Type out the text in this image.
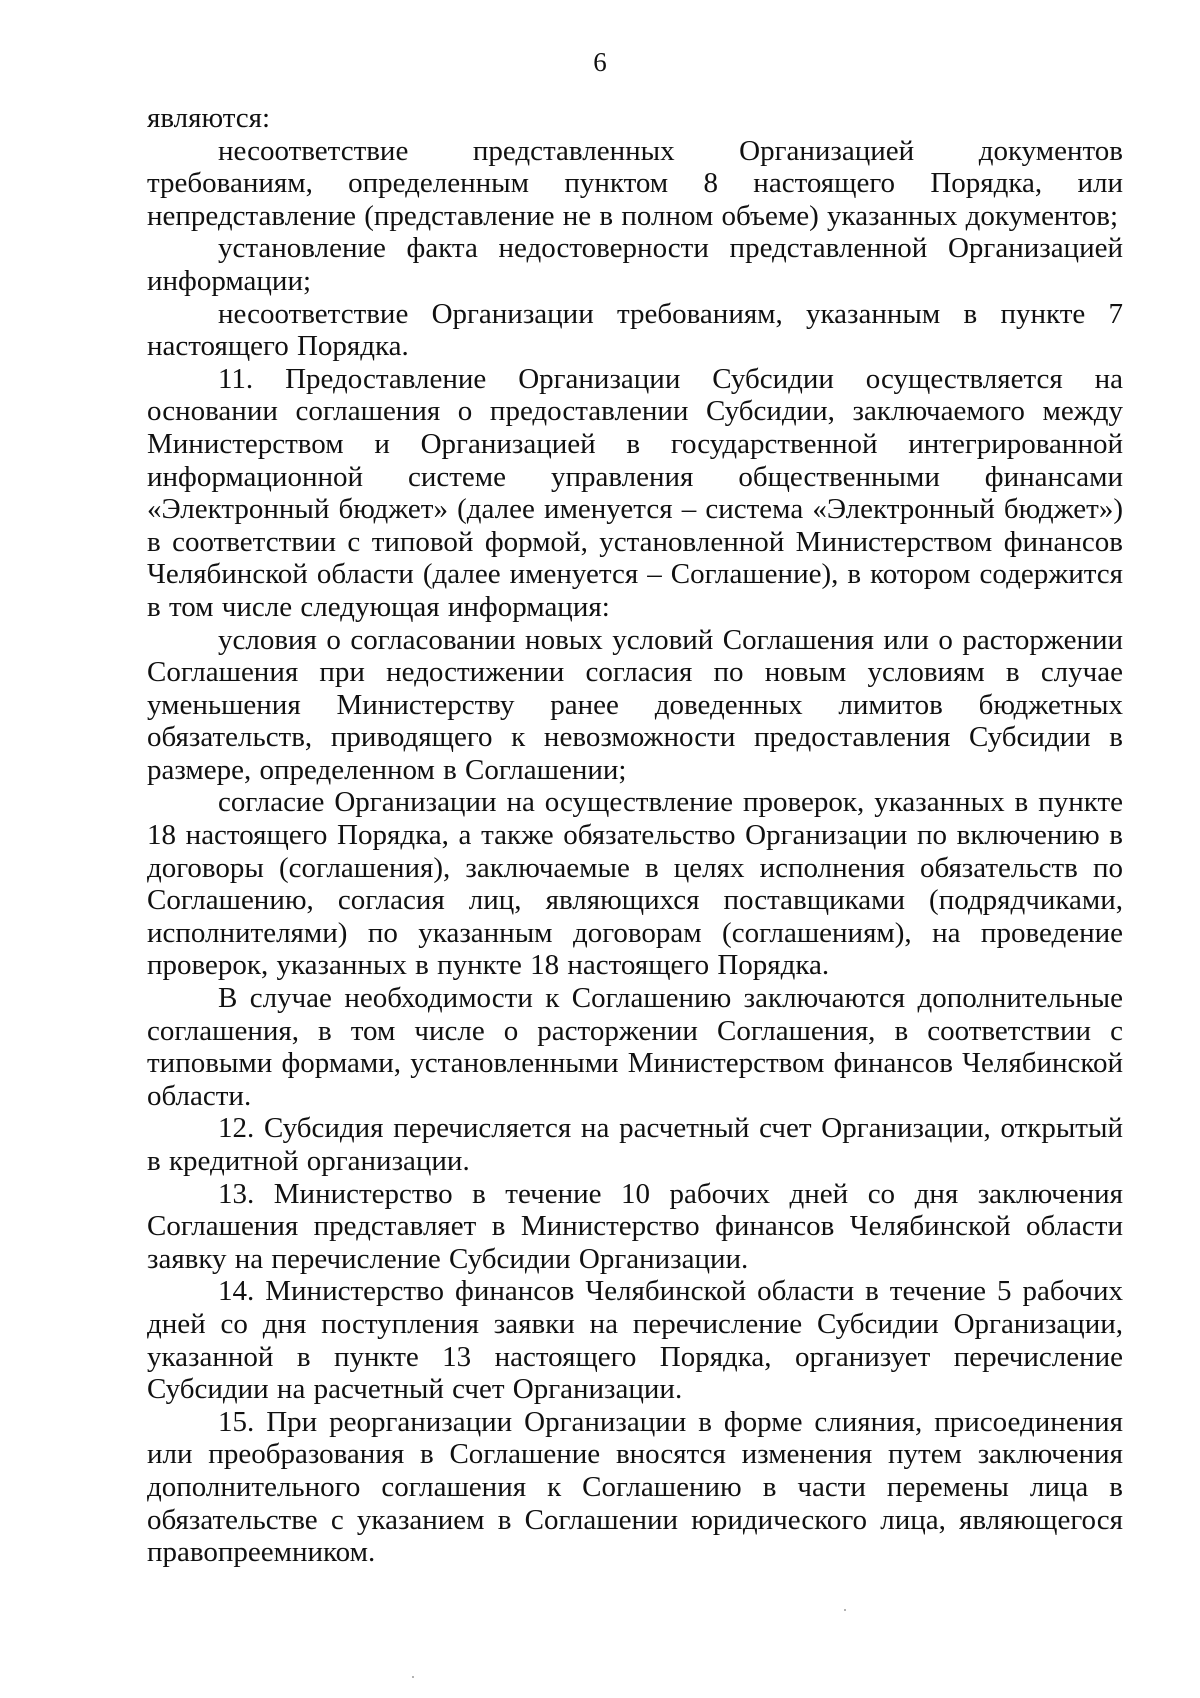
6

являются:

несоответствие представленных Организацией документов требованиям, определенным пунктом 8 настоящего Порядка, или непредставление (представление не в полном объеме) указанных документов;

установление факта недостоверности представленной Организацией информации;

несоответствие Организации требованиям, указанным в пункте 7 настоящего Порядка.

11. Предоставление Организации Субсидии осуществляется на основании соглашения о предоставлении Субсидии, заключаемого между Министерством и Организацией в государственной интегрированной информационной системе управления общественными финансами «Электронный бюджет» (далее именуется – система «Электронный бюджет») в соответствии с типовой формой, установленной Министерством финансов Челябинской области (далее именуется – Соглашение), в котором содержится в том числе следующая информация:

условия о согласовании новых условий Соглашения или о расторжении Соглашения при недостижении согласия по новым условиям в случае уменьшения Министерству ранее доведенных лимитов бюджетных обязательств, приводящего к невозможности предоставления Субсидии в размере, определенном в Соглашении;

согласие Организации на осуществление проверок, указанных в пункте 18 настоящего Порядка, а также обязательство Организации по включению в договоры (соглашения), заключаемые в целях исполнения обязательств по Соглашению, согласия лиц, являющихся поставщиками (подрядчиками, исполнителями) по указанным договорам (соглашениям), на проведение проверок, указанных в пункте 18 настоящего Порядка.

В случае необходимости к Соглашению заключаются дополнительные соглашения, в том числе о расторжении Соглашения, в соответствии с типовыми формами, установленными Министерством финансов Челябинской области.

12. Субсидия перечисляется на расчетный счет Организации, открытый в кредитной организации.

13. Министерство в течение 10 рабочих дней со дня заключения Соглашения представляет в Министерство финансов Челябинской области заявку на перечисление Субсидии Организации.

14. Министерство финансов Челябинской области в течение 5 рабочих дней со дня поступления заявки на перечисление Субсидии Организации, указанной в пункте 13 настоящего Порядка, организует перечисление Субсидии на расчетный счет Организации.

15. При реорганизации Организации в форме слияния, присоединения или преобразования в Соглашение вносятся изменения путем заключения дополнительного соглашения к Соглашению в части перемены лица в обязательстве с указанием в Соглашении юридического лица, являющегося правопреемником.
